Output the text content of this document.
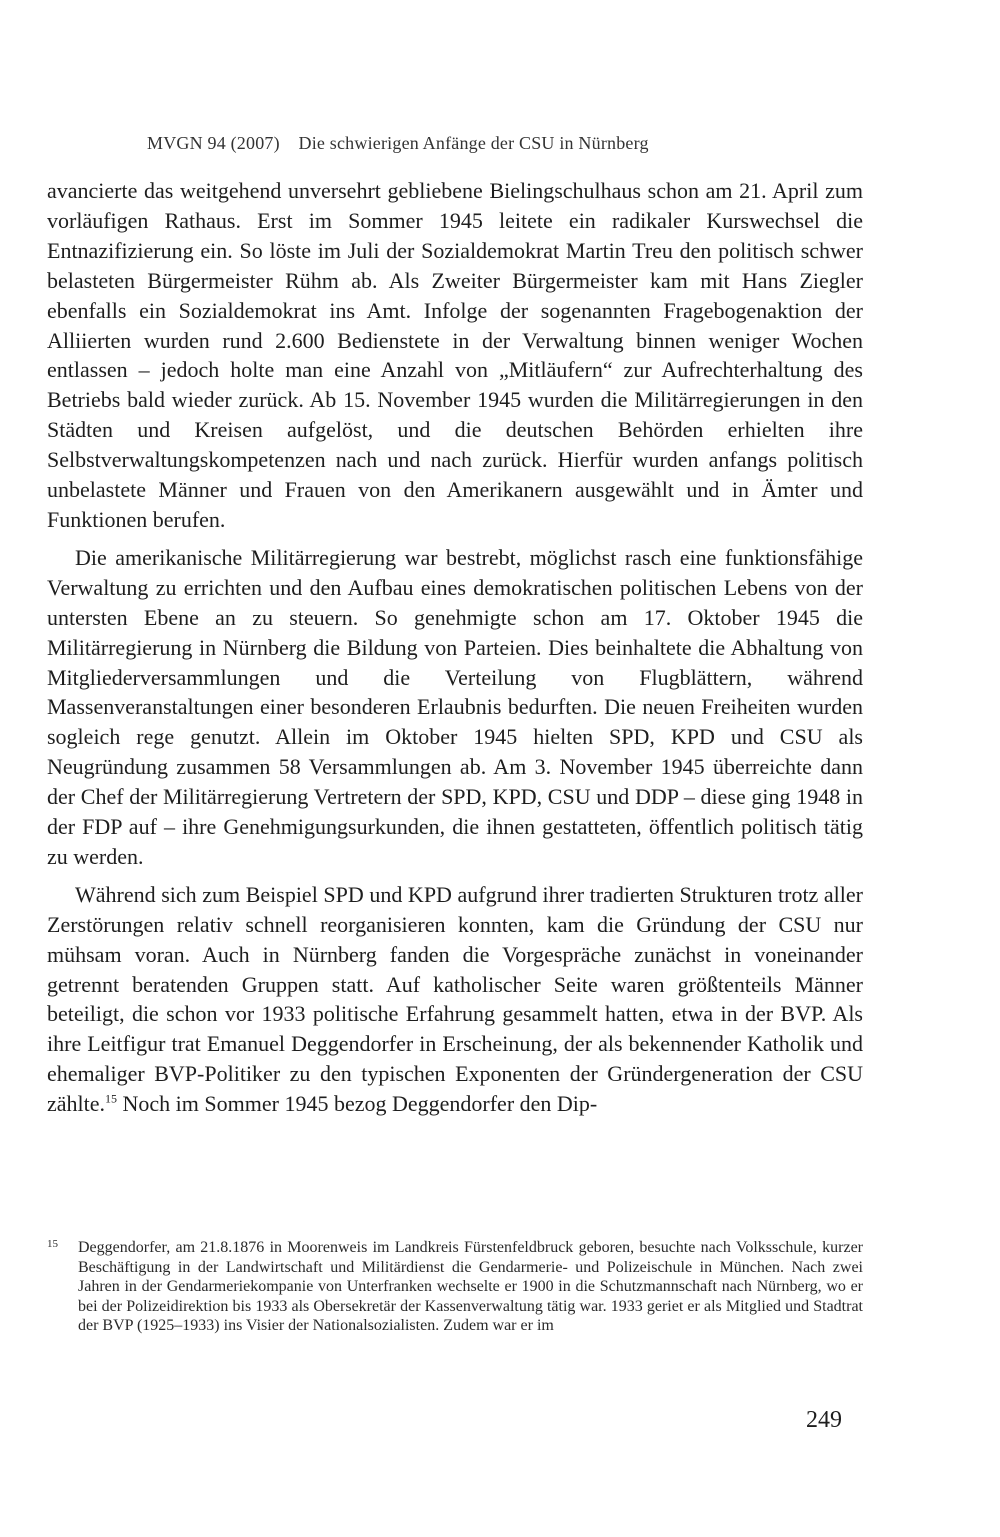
MVGN 94 (2007) Die schwierigen Anfänge der CSU in Nürnberg

avancierte das weitgehend unversehrt gebliebene Bielingschulhaus schon am 21. April zum vorläufigen Rathaus. Erst im Sommer 1945 leitete ein radikaler Kurswechsel die Entnazifizierung ein. So löste im Juli der Sozialdemokrat Martin Treu den politisch schwer belasteten Bürgermeister Rühm ab. Als Zweiter Bürgermeister kam mit Hans Ziegler ebenfalls ein Sozialdemokrat ins Amt. Infolge der sogenannten Fragebogenaktion der Alliierten wurden rund 2.600 Bedienstete in der Verwaltung binnen weniger Wochen entlassen – jedoch holte man eine Anzahl von „Mitläufern“ zur Aufrechterhaltung des Betriebs bald wieder zurück. Ab 15. November 1945 wurden die Militärregierungen in den Städten und Kreisen aufgelöst, und die deutschen Behörden erhielten ihre Selbstverwaltungskompetenzen nach und nach zurück. Hierfür wurden anfangs politisch unbelastete Männer und Frauen von den Amerikanern ausgewählt und in Ämter und Funktionen berufen.

Die amerikanische Militärregierung war bestrebt, möglichst rasch eine funktionsfähige Verwaltung zu errichten und den Aufbau eines demokratischen politischen Lebens von der untersten Ebene an zu steuern. So genehmigte schon am 17. Oktober 1945 die Militärregierung in Nürnberg die Bildung von Parteien. Dies beinhaltete die Abhaltung von Mitgliederversammlungen und die Verteilung von Flugblättern, während Massenveranstaltungen einer besonderen Erlaubnis bedurften. Die neuen Freiheiten wurden sogleich rege genutzt. Allein im Oktober 1945 hielten SPD, KPD und CSU als Neugründung zusammen 58 Versammlungen ab. Am 3. November 1945 überreichte dann der Chef der Militärregierung Vertretern der SPD, KPD, CSU und DDP – diese ging 1948 in der FDP auf – ihre Genehmigungsurkunden, die ihnen gestatteten, öffentlich politisch tätig zu werden.

Während sich zum Beispiel SPD und KPD aufgrund ihrer tradierten Strukturen trotz aller Zerstörungen relativ schnell reorganisieren konnten, kam die Gründung der CSU nur mühsam voran. Auch in Nürnberg fanden die Vorgespräche zunächst in voneinander getrennt beratenden Gruppen statt. Auf katholischer Seite waren größtenteils Männer beteiligt, die schon vor 1933 politische Erfahrung gesammelt hatten, etwa in der BVP. Als ihre Leitfigur trat Emanuel Deggendorfer in Erscheinung, der als bekennender Katholik und ehemaliger BVP-Politiker zu den typischen Exponenten der Gründergeneration der CSU zählte.$^{15}$ Noch im Sommer 1945 bezog Deggendorfer den Dip-

15 Deggendorfer, am 21.8.1876 in Moorenweis im Landkreis Fürstenfeldbruck geboren, besuchte nach Volksschule, kurzer Beschäftigung in der Landwirtschaft und Militärdienst die Gendarmerie- und Polizeischule in München. Nach zwei Jahren in der Gendarmeriekompanie von Unterfranken wechselte er 1900 in die Schutzmannschaft nach Nürnberg, wo er bei der Polizeidirektion bis 1933 als Obersekretär der Kassenverwaltung tätig war. 1933 geriet er als Mitglied und Stadtrat der BVP (1925–1933) ins Visier der Nationalsozialisten. Zudem war er im
249
